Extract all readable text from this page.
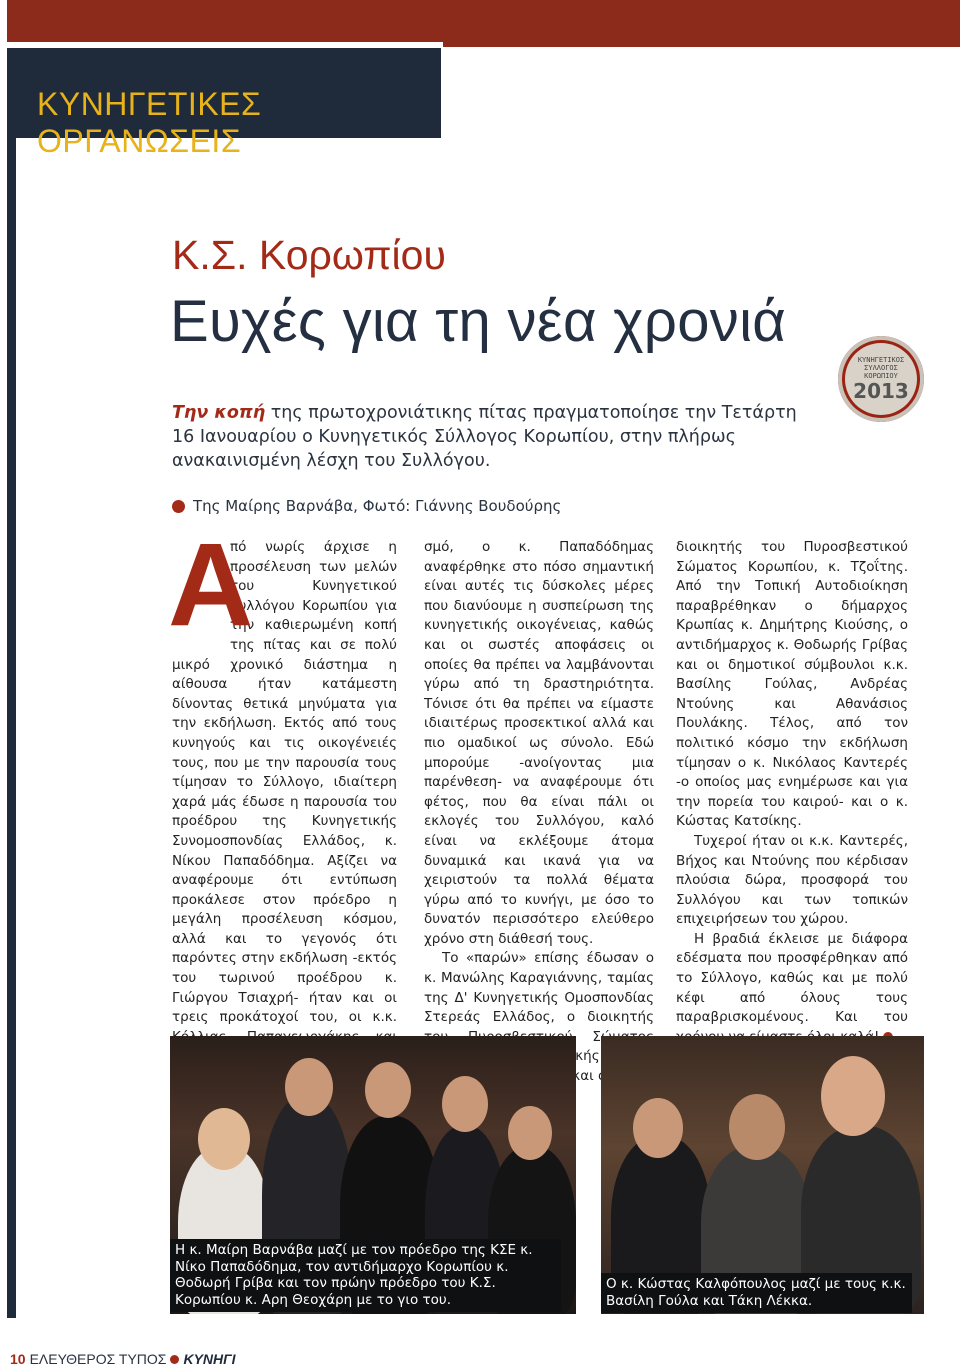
ΚΥΝΗΓΕΤΙΚΕΣ ΟΡΓΑΝΩΣΕΙΣ
Κ.Σ. Κορωπίου
Ευχές για τη νέα χρονιά
ΚΥΝΗΓΕΤΙΚΟΣ
ΣΥΛΛΟΓΟΣ
ΚΟΡΩΠΙΟΥ
2013
Την κοπή της πρωτοχρονιάτικης πίτας πραγματοποίησε την Τετάρτη 16 Ιανουαρίου ο Κυνηγετικός Σύλλογος Κορωπίου, στην πλήρως ανακαινισμένη λέσχη του Συλλόγου.
Της Μαίρης Βαρνάβα, Φωτό: Γιάννης Βουδούρης
Α
πό νωρίς άρχισε η προσέλευση των μελών του Κυνηγετικού Συλλόγου Κορωπίου για την καθιερωμένη κοπή της πίτας και σε πολύ μικρό χρονικό διάστημα η αίθουσα ήταν κατάμεστη δίνοντας θετικά μηνύματα για την εκδήλωση. Εκτός από τους κυνηγούς και τις οικογένειές τους, που με την παρουσία τους τίμησαν το Σύλλογο, ιδιαίτερη χαρά μάς έδωσε η παρουσία του προέδρου της Κυνηγετικής Συνομοσπονδίας Ελλάδος, κ. Νίκου Παπαδόδημα. Αξίζει να αναφέρουμε ότι εντύπωση προκάλεσε στον πρόεδρο η μεγάλη προσέλευση κόσμου, αλλά και το γεγονός ότι παρόντες στην εκδήλωση -εκτός του τωρινού προέδρου κ. Γιώργου Τσιαχρή- ήταν και οι τρεις προκάτοχοί του, οι κ.κ.
σμό, ο κ. Παπαδόδημας αναφέρθηκε στο πόσο σημαντική είναι αυτές τις δύσκολες μέρες που διανύουμε η συσπείρωση της κυνηγετικής οικογένειας, καθώς και οι σωστές αποφάσεις οι οποίες θα πρέπει να λαμβάνονται γύρω από τη δραστηριότητα. Τόνισε ότι θα πρέπει να είμαστε ιδιαιτέρως προσεκτικοί αλλά και πιο ομαδικοί ως σύνολο. Εδώ μπορούμε -ανοίγοντας μια παρένθεση- να αναφέρουμε ότι φέτος, που θα είναι πάλι οι εκλογές του Συλλόγου, καλό είναι να εκλέξουμε άτομα δυναμικά και ικανά για να χειριστούν τα πολλά θέματα γύρω από το κυνήγι, με όσο το δυνατόν περισσότερο ελεύθερο χρόνο στη διάθεσή τους.
Το «παρών» επίσης έδωσαν ο κ. Μανώλης Καραγιάννης, ταμίας της Δ' Κυνηγετικής Ομοσπονδίας Στερεάς Ελλάδος, ο διοικητής και
διοικητής του Πυροσβεστικού Σώματος Κορωπίου, κ. Τζοΐτης. Από την Τοπική Αυτοδιοίκηση παραβρέθηκαν ο δήμαρχος Κρωπίας κ. Δημήτρης Κιούσης, ο αντιδήμαρχος κ. Θοδωρής Γρίβας και οι δημοτικοί σύμβουλοι κ.κ. Βασίλης Γούλας, Ανδρέας Ντούνης και Αθανάσιος Πουλάκης. Τέλος, από τον πολιτικό κόσμο την εκδήλωση τίμησαν ο κ. Νικόλαος Καντερές -ο οποίος μας ενημέρωσε και για την πορεία του καιρού- και ο κ. Κώστας Κατσίκης.
Τυχεροί ήταν οι κ.κ. Καντερές, Βήχος και Ντούνης που κέρδισαν πλούσια δώρα, προσφορά του Συλλόγου και των τοπικών επιχειρήσεων του χώρου.
Η βραδιά έκλεισε με διάφορα εδέσματα που προσφέρθηκαν από το Σύλλογο, καθώς και με πολύ κέφι από όλους τους παραβρισκομένους. Και του
Η κ. Μαίρη Βαρνάβα μαζί με τον πρόεδρο της ΚΣΕ κ. Νίκο Παπαδόδημα, τον αντιδήμαρχο Κορωπίου κ. Θοδωρή Γρίβα και τον πρώην πρόεδρο του Κ.Σ. Κορωπίου κ. Αρη Θεοχάρη με το γιο του.
Ο κ. Κώστας Καλφόπουλος μαζί με τους κ.κ. Βασίλη Γούλα και Τάκη Λέκκα.
10 ΕΛΕΥΘΕΡΟΣ ΤΥΠΟΣ ΚΥΝΗΓΙ
